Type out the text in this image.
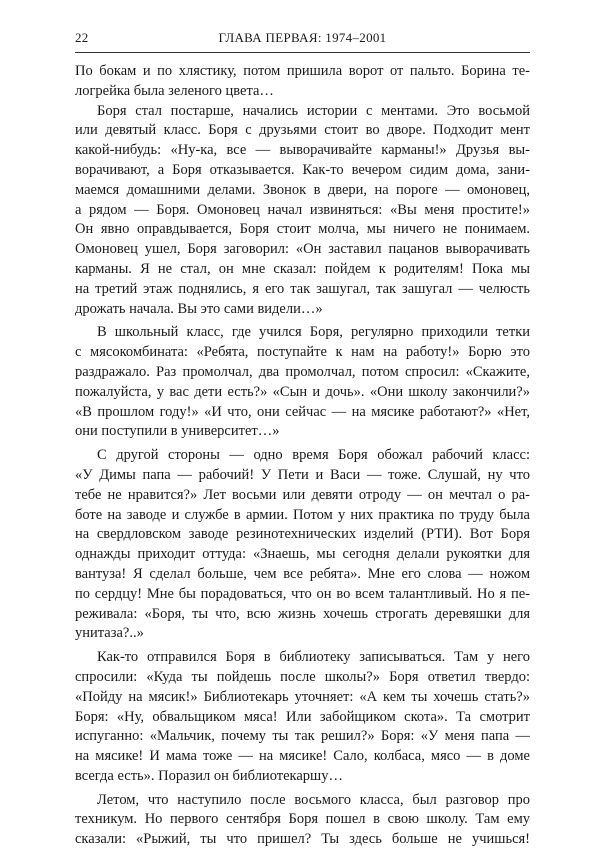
22	ГЛАВА ПЕРВАЯ: 1974–2001
По бокам и по хлястику, потом пришила ворот от пальто. Борина те-
логрейка была зеленого цвета…
Боря стал постарше, начались истории с ментами. Это восьмой
или девятый класс. Боря с друзьями стоит во дворе. Подходит мент
какой-нибудь: «Ну-ка, все — выворачивайте карманы!» Друзья вы-
ворачивают, а Боря отказывается. Как-то вечером сидим дома, зани-
маемся домашними делами. Звонок в двери, на пороге — омоновец,
а рядом — Боря. Омоновец начал извиняться: «Вы меня простите!»
Он явно оправдывается, Боря стоит молча, мы ничего не понимаем.
Омоновец ушел, Боря заговорил: «Он заставил пацанов выворачивать
карманы. Я не стал, он мне сказал: пойдем к родителям! Пока мы
на третий этаж поднялись, я его так зашугал, так зашугал — челюсть
дрожать начала. Вы это сами видели…»
В школьный класс, где учился Боря, регулярно приходили тетки
с мясокомбината: «Ребята, поступайте к нам на работу!» Борю это
раздражало. Раз промолчал, два промолчал, потом спросил: «Скажите,
пожалуйста, у вас дети есть?» «Сын и дочь». «Они школу закончили?»
«В прошлом году!» «И что, они сейчас — на мясике работают?» «Нет,
они поступили в университет…»
С другой стороны — одно время Боря обожал рабочий класс:
«У Димы папа — рабочий! У Пети и Васи — тоже. Слушай, ну что
тебе не нравится?» Лет восьми или девяти отроду — он мечтал о ра-
боте на заводе и службе в армии. Потом у них практика по труду была
на свердловском заводе резинотехнических изделий (РТИ). Вот Боря
однажды приходит оттуда: «Знаешь, мы сегодня делали рукоятки для
вантуза! Я сделал больше, чем все ребята». Мне его слова — ножом
по сердцу! Мне бы порадоваться, что он во всем талантливый. Но я пе-
реживала: «Боря, ты что, всю жизнь хочешь строгать деревяшки для
унитаза?..»
Как-то отправился Боря в библиотеку записываться. Там у него
спросили: «Куда ты пойдешь после школы?» Боря ответил твердо:
«Пойду на мясик!» Библиотекарь уточняет: «А кем ты хочешь стать?»
Боря: «Ну, обвальщиком мяса! Или забойщиком скота». Та смотрит
испуганно: «Мальчик, почему ты так решил?» Боря: «У меня папа —
на мясике! И мама тоже — на мясике! Сало, колбаса, мясо — в доме
всегда есть». Поразил он библиотекаршу…
Летом, что наступило после восьмого класса, был разговор про
техникум. Но первого сентября Боря пошел в свою школу. Там ему
сказали: «Рыжий, ты что пришел? Ты здесь больше не учишься!
